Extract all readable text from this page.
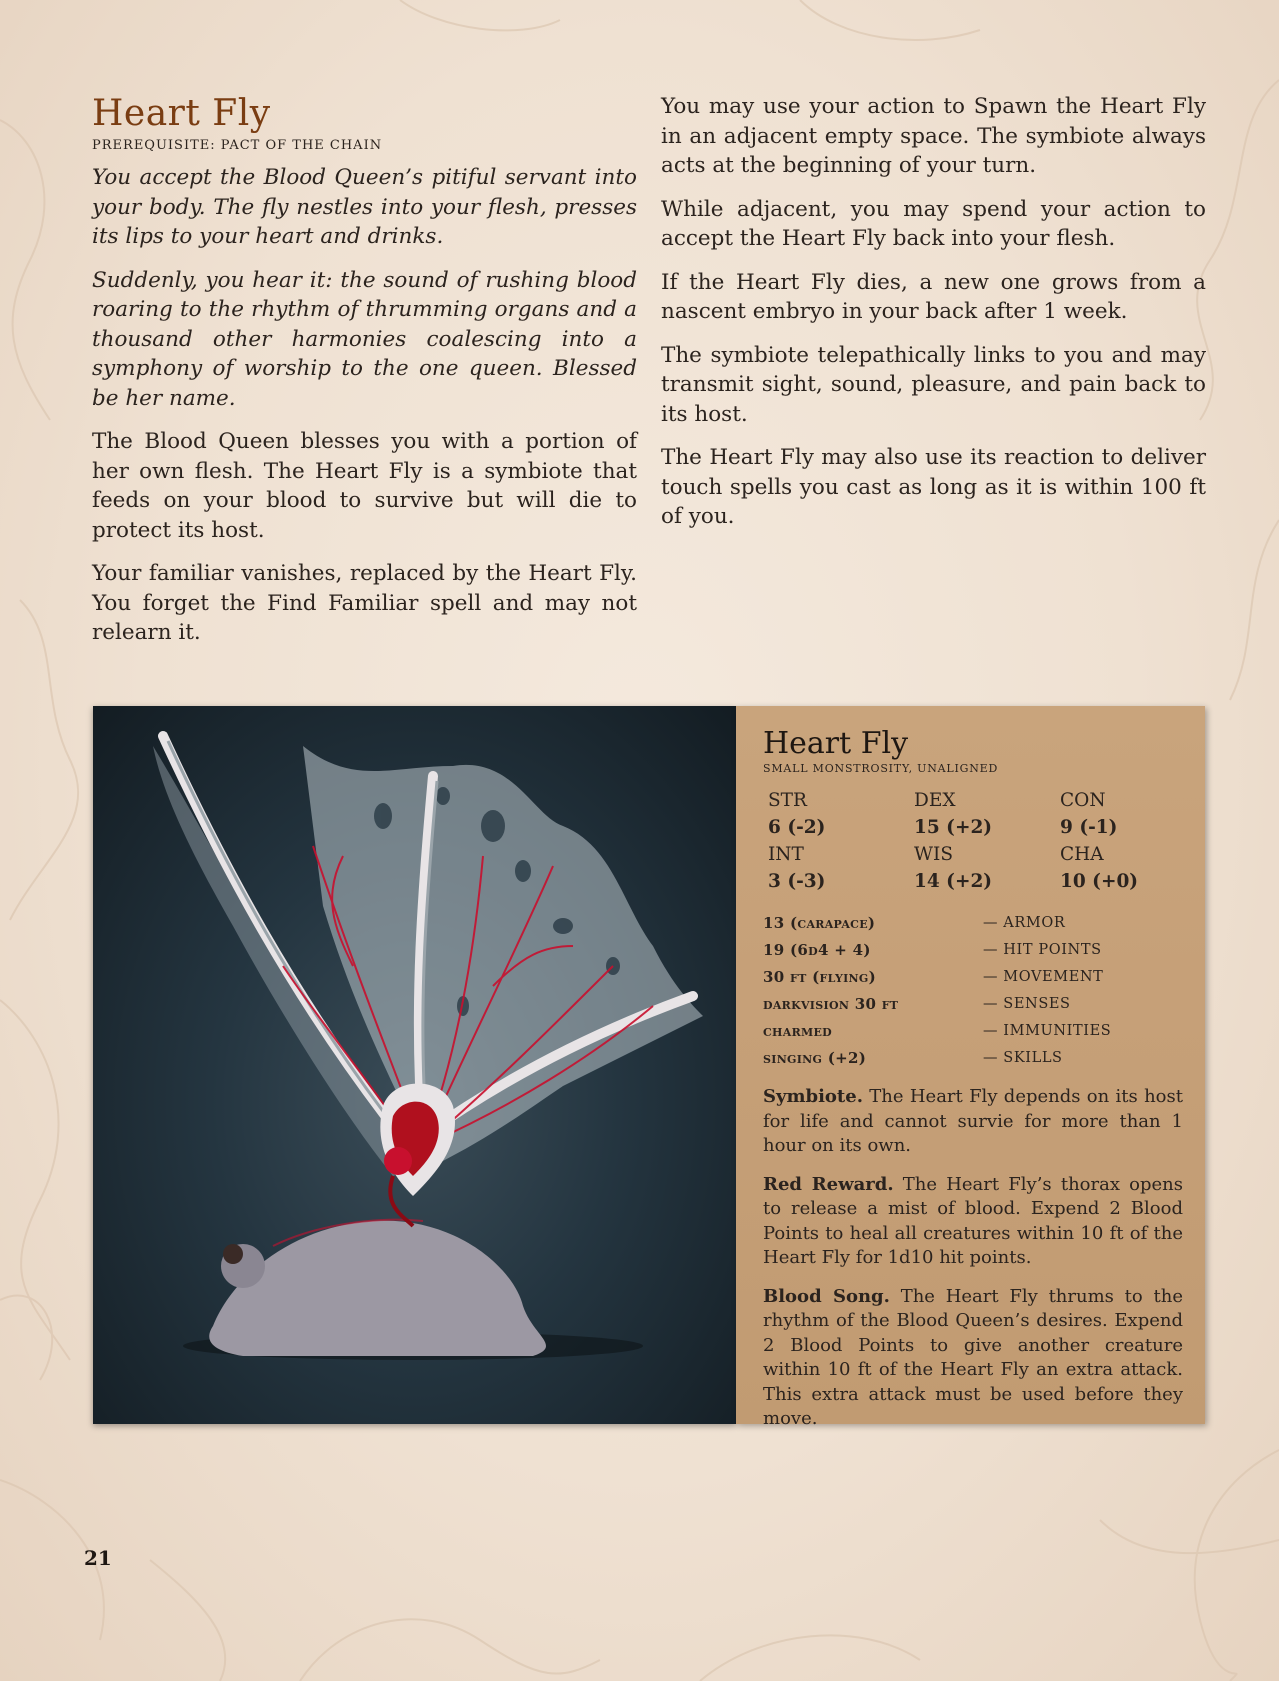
Heart Fly
PREREQUISITE: PACT OF THE CHAIN

You accept the Blood Queen’s pitiful servant into your body. The fly nestles into your flesh, presses its lips to your heart and drinks.

Suddenly, you hear it: the sound of rushing blood roaring to the rhythm of thrumming organs and a thousand other harmonies coalescing into a symphony of worship to the one queen. Blessed be her name.

The Blood Queen blesses you with a portion of her own flesh. The Heart Fly is a symbiote that feeds on your blood to survive but will die to protect its host.

Your familiar vanishes, replaced by the Heart Fly. You forget the Find Familiar spell and may not relearn it.

You may use your action to Spawn the Heart Fly in an adjacent empty space. The symbiote always acts at the beginning of your turn.

While adjacent, you may spend your action to accept the Heart Fly back into your flesh.

If the Heart Fly dies, a new one grows from a nascent embryo in your back after 1 week.

The symbiote telepathically links to you and may transmit sight, sound, pleasure, and pain back to its host.

The Heart Fly may also use its reaction to deliver touch spells you cast as long as it is within 100 ft of you.

Heart Fly
SMALL MONSTROSITY, UNALIGNED
STR	DEX	CON
6 (-2)	15 (+2)	9 (-1)
INT	WIS	CHA
3 (-3)	14 (+2)	10 (+0)
13 (carapace)	— ARMOR
19 (6d4 + 4)	— HIT POINTS
30 ft (flying)	— MOVEMENT
darkvision 30 ft	— SENSES
charmed	— IMMUNITIES
singing (+2)	— SKILLS

Symbiote. The Heart Fly depends on its host for life and cannot survie for more than 1 hour on its own.

Red Reward. The Heart Fly’s thorax opens to release a mist of blood. Expend 2 Blood Points to heal all creatures within 10 ft of the Heart Fly for 1d10 hit points.

Blood Song. The Heart Fly thrums to the rhythm of the Blood Queen’s desires. Expend 2 Blood Points to give another creature within 10 ft of the Heart Fly an extra attack. This extra attack must be used before they move.

21
